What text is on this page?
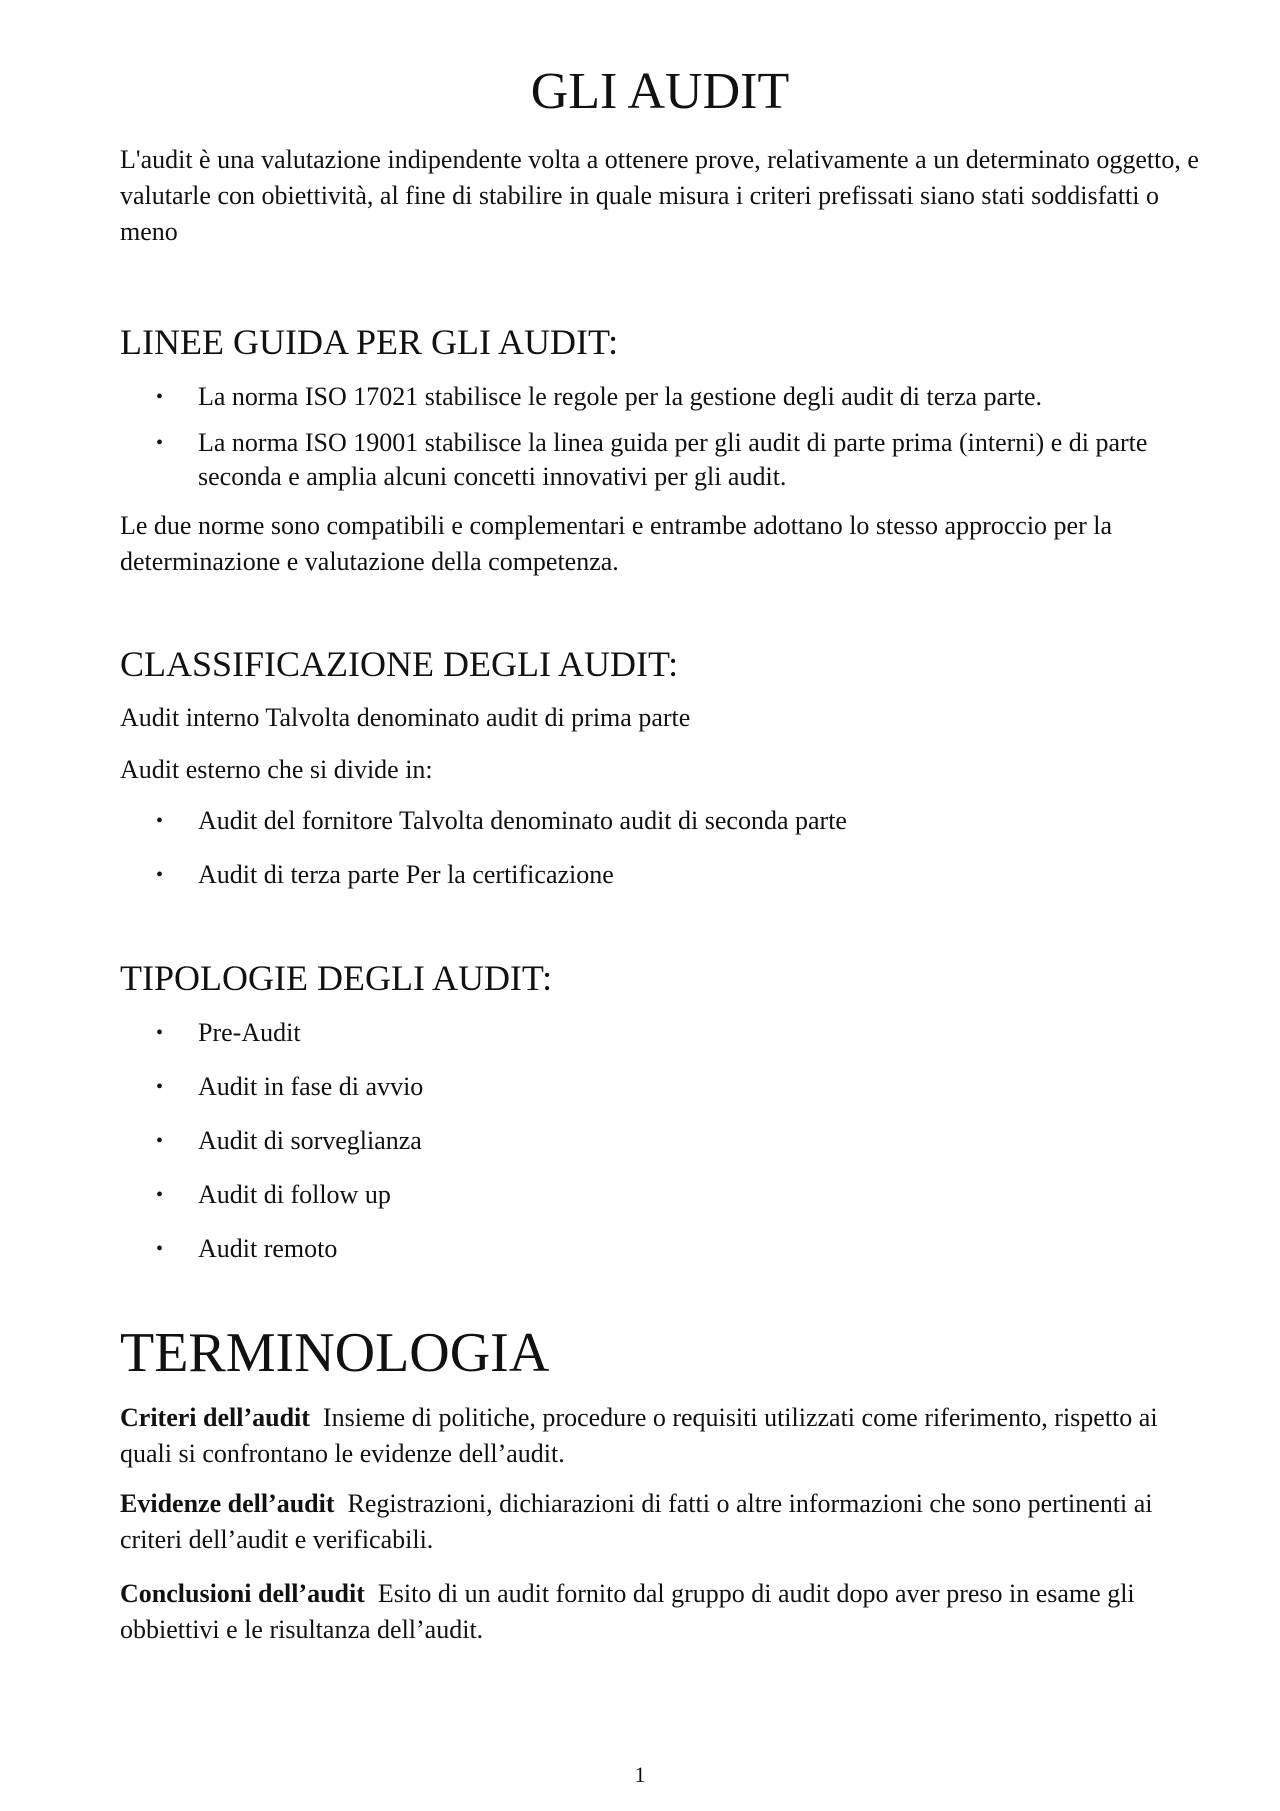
GLI AUDIT

L'audit è una valutazione indipendente volta a ottenere prove, relativamente a un determinato oggetto, e valutarle con obiettività, al fine di stabilire in quale misura i criteri prefissati siano stati soddisfatti o meno

LINEE GUIDA PER GLI AUDIT:
• La norma ISO 17021 stabilisce le regole per la gestione degli audit di terza parte.
• La norma ISO 19001 stabilisce la linea guida per gli audit di parte prima (interni) e di parte seconda e amplia alcuni concetti innovativi per gli audit.

Le due norme sono compatibili e complementari e entrambe adottano lo stesso approccio per la determinazione e valutazione della competenza.

CLASSIFICAZIONE DEGLI AUDIT:

Audit interno Talvolta denominato audit di prima parte

Audit esterno che si divide in:

• Audit del fornitore Talvolta denominato audit di seconda parte
• Audit di terza parte Per la certificazione
TIPOLOGIE DEGLI AUDIT:
• Pre-Audit
• Audit in fase di avvio
• Audit di sorveglianza
• Audit di follow up
• Audit remoto
TERMINOLOGIA

Criteri dell’audit Insieme di politiche, procedure o requisiti utilizzati come riferimento, rispetto ai quali si confrontano le evidenze dell’audit.

Evidenze dell’audit Registrazioni, dichiarazioni di fatti o altre informazioni che sono pertinenti ai criteri dell’audit e verificabili.

Conclusioni dell’audit Esito di un audit fornito dal gruppo di audit dopo aver preso in esame gli obbiettivi e le risultanza dell’audit.

1
